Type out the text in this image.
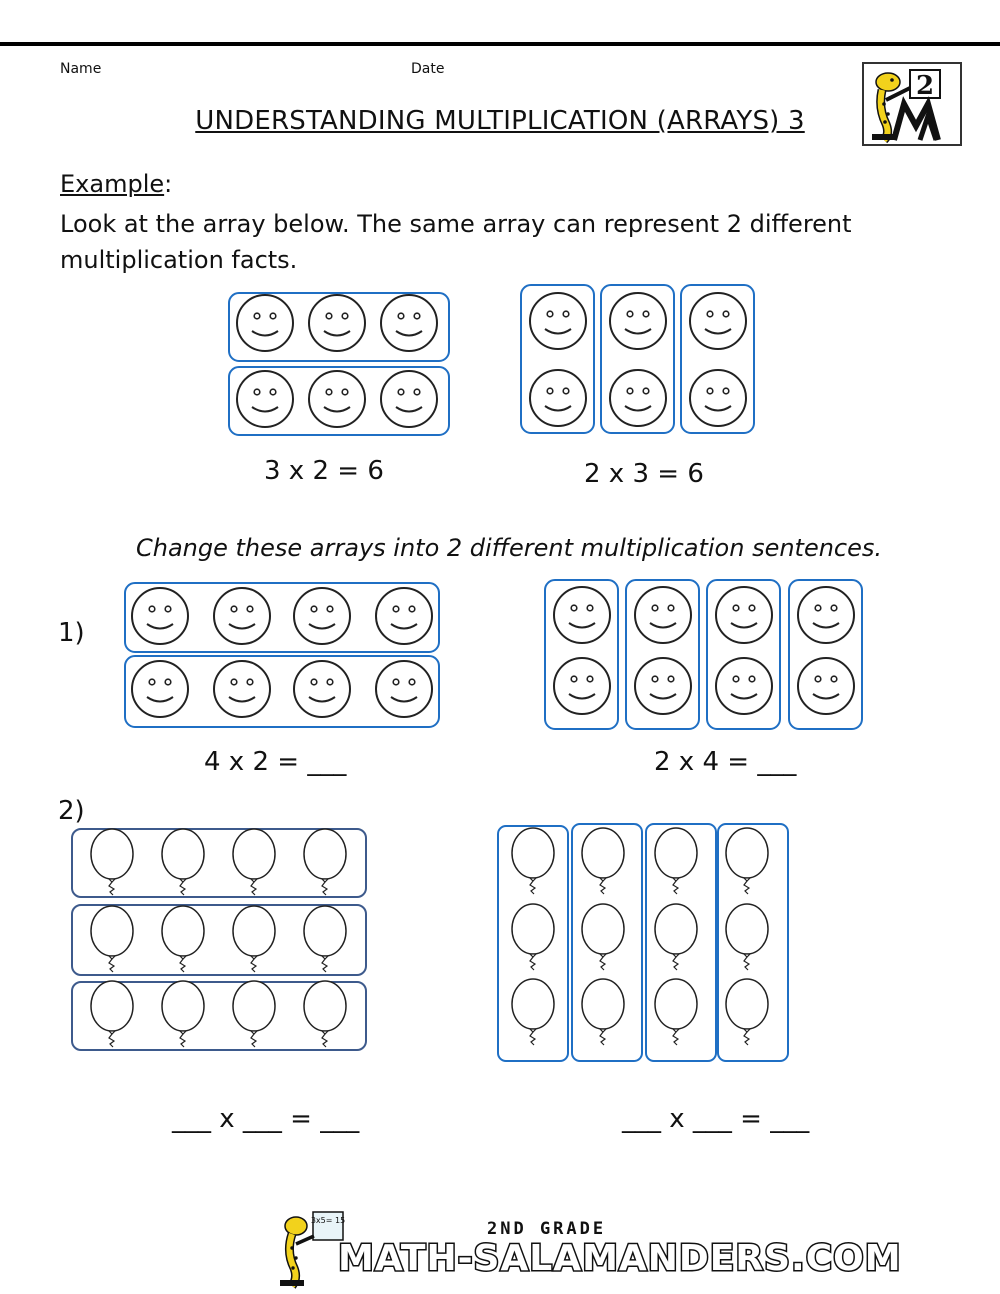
Name	Date
UNDERSTANDING MULTIPLICATION (ARRAYS) 3
2
Example:
Look at the array below. The same array can represent 2 different
multiplication facts.
3 x 2 = 6	2 x 3 = 6
Change these arrays into 2 different multiplication sentences.
1)
4 x 2 = ___	2 x 4 = ___
2)
___ x ___ = ___	___ x ___ = ___
3x5= 15	2ND GRADE
MATH-SALAMANDERS.COM
